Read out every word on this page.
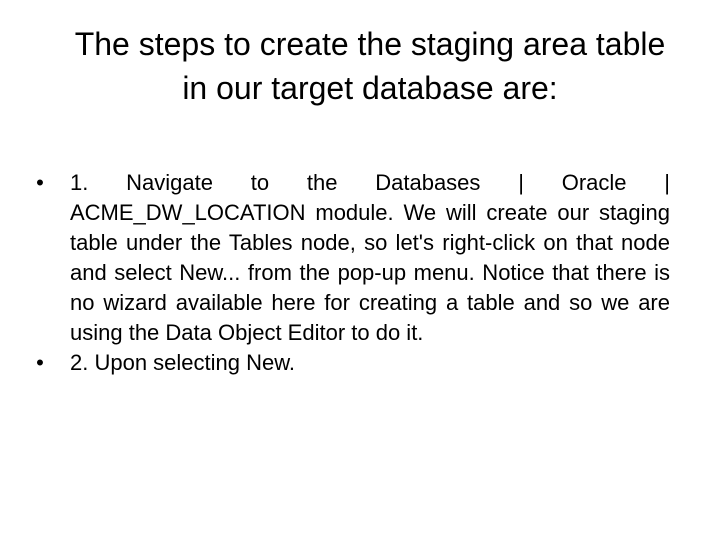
The steps to create the staging area table in our target database are:
• 1. Navigate to the Databases | Oracle | ACME_DW_LOCATION module. We will create our staging table under the Tables node, so let's right-click on that node and select New... from the pop-up menu. Notice that there is no wizard available here for creating a table and so we are using the Data Object Editor to do it.
• 2. Upon selecting New.
